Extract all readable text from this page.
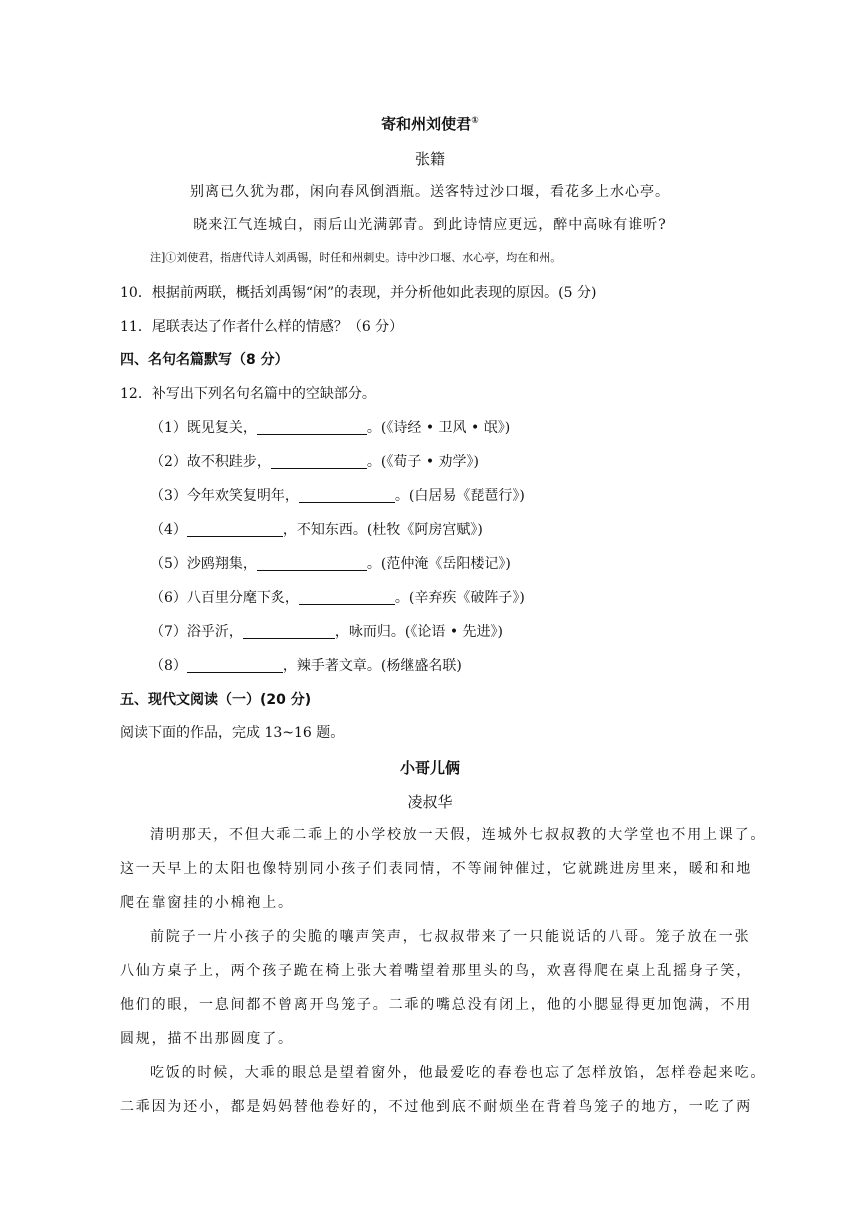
寄和州刘使君①
张籍
别离已久犹为郡，闲向春风倒酒瓶。送客特过沙口堰，看花多上水心亭。
晓来江气连城白，雨后山光满郭青。到此诗情应更远，醉中高咏有谁听?
注]①刘使君，指唐代诗人刘禹锡，时任和州刺史。诗中沙口堰、水心亭，均在和州。
10．根据前两联，概括刘禹锡“闲”的表现，并分析他如此表现的原因。(5 分)
11．尾联表达了作者什么样的情感？（6 分）
四、名句名篇默写（8 分）
12．补写出下列名句名篇中的空缺部分。
（1）既见复关，	。(《诗经 • 卫风 • 氓》)
（2）故不积跬步，	。(《荀子 • 劝学》)
（3）今年欢笑复明年，	。(白居易《琵琶行》)
（4）	，不知东西。(杜牧《阿房宫赋》)
（5）沙鸥翔集，	。(范仲淹《岳阳楼记》)
（6）八百里分麾下炙，	。(辛弃疾《破阵子》)
（7）浴乎沂，	，咏而归。(《论语 • 先进》)
（8）	，辣手著文章。(杨继盛名联)
五、现代文阅读（一）(20 分)
阅读下面的作品，完成 13~16 题。
小哥儿俩
凌叔华
清明那天，不但大乖二乖上的小学校放一天假，连城外七叔叔教的大学堂也不用上课了。
这一天早上的太阳也像特别同小孩子们表同情，不等闹钟催过，它就跳进房里来，暖和和地
爬在靠窗挂的小棉袍上。
前院子一片小孩子的尖脆的嚷声笑声，七叔叔带来了一只能说话的八哥。笼子放在一张
八仙方桌子上，两个孩子跪在椅上张大着嘴望着那里头的鸟，欢喜得爬在桌上乱摇身子笑，
他们的眼，一息间都不曾离开鸟笼子。二乖的嘴总没有闭上，他的小腮显得更加饱满，不用
圆规，描不出那圆度了。
吃饭的时候，大乖的眼总是望着窗外，他最爱吃的春卷也忘了怎样放馅，怎样卷起来吃。
二乖因为还小，都是妈妈替他卷好的，不过他到底不耐烦坐在背着鸟笼子的地方，一吃了两
